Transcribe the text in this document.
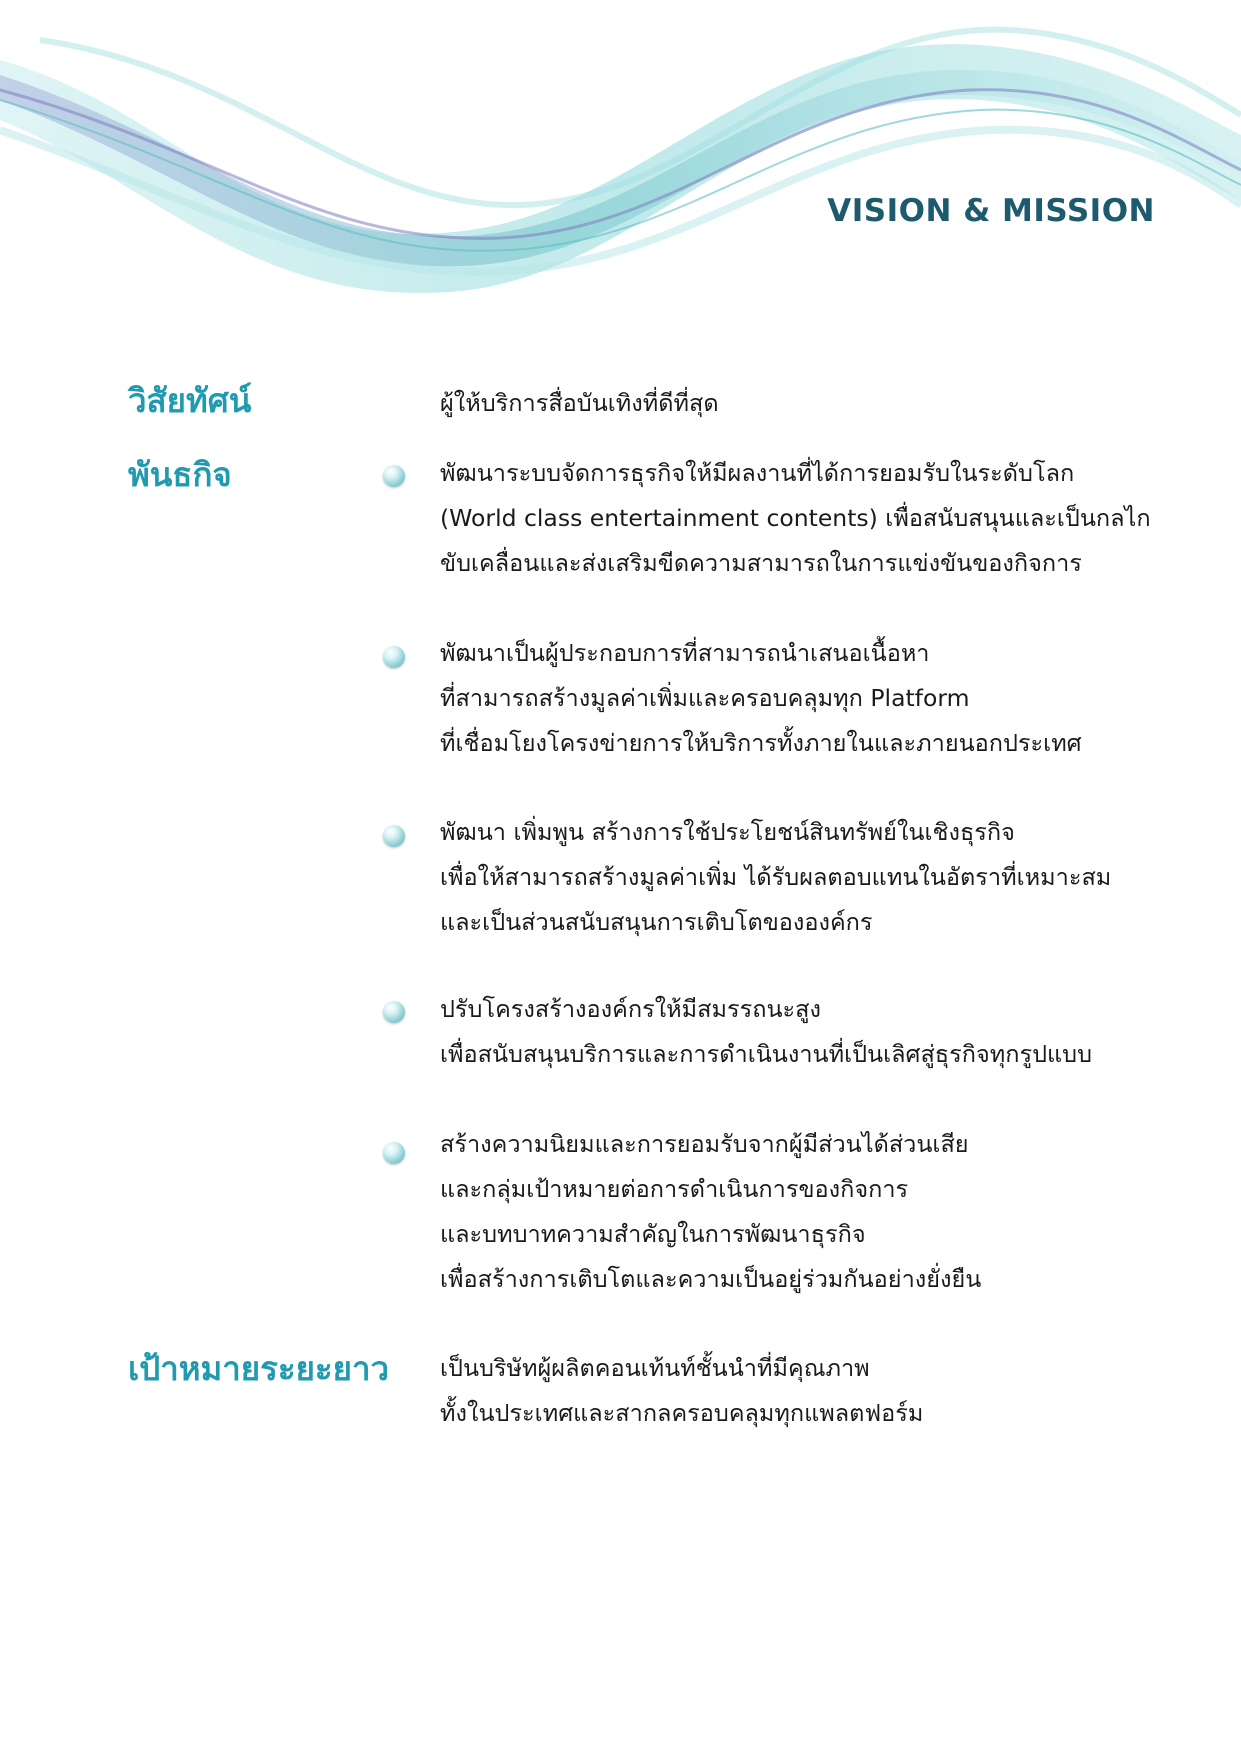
VISION & MISSION
วิสัยทัศน์	ผู้ให้บริการสื่อบันเทิงที่ดีที่สุด
พันธกิจ	พัฒนาระบบจัดการธุรกิจให้มีผลงานที่ได้การยอมรับในระดับโลก
(World class entertainment contents) เพื่อสนับสนุนและเป็นกลไก
ขับเคลื่อนและส่งเสริมขีดความสามารถในการแข่งขันของกิจการ
พัฒนาเป็นผู้ประกอบการที่สามารถนำเสนอเนื้อหา
ที่สามารถสร้างมูลค่าเพิ่มและครอบคลุมทุก Platform
ที่เชื่อมโยงโครงข่ายการให้บริการทั้งภายในและภายนอกประเทศ
พัฒนา เพิ่มพูน สร้างการใช้ประโยชน์สินทรัพย์ในเชิงธุรกิจ
เพื่อให้สามารถสร้างมูลค่าเพิ่ม ได้รับผลตอบแทนในอัตราที่เหมาะสม
และเป็นส่วนสนับสนุนการเติบโตขององค์กร
ปรับโครงสร้างองค์กรให้มีสมรรถนะสูง
เพื่อสนับสนุนบริการและการดำเนินงานที่เป็นเลิศสู่ธุรกิจทุกรูปแบบ
สร้างความนิยมและการยอมรับจากผู้มีส่วนได้ส่วนเสีย
และกลุ่มเป้าหมายต่อการดำเนินการของกิจการ
และบทบาทความสำคัญในการพัฒนาธุรกิจ
เพื่อสร้างการเติบโตและความเป็นอยู่ร่วมกันอย่างยั่งยืน
เป้าหมายระยะยาว เป็นบริษัทผู้ผลิตคอนเท้นท์ชั้นนำที่มีคุณภาพ
ทั้งในประเทศและสากลครอบคลุมทุกแพลตฟอร์ม
